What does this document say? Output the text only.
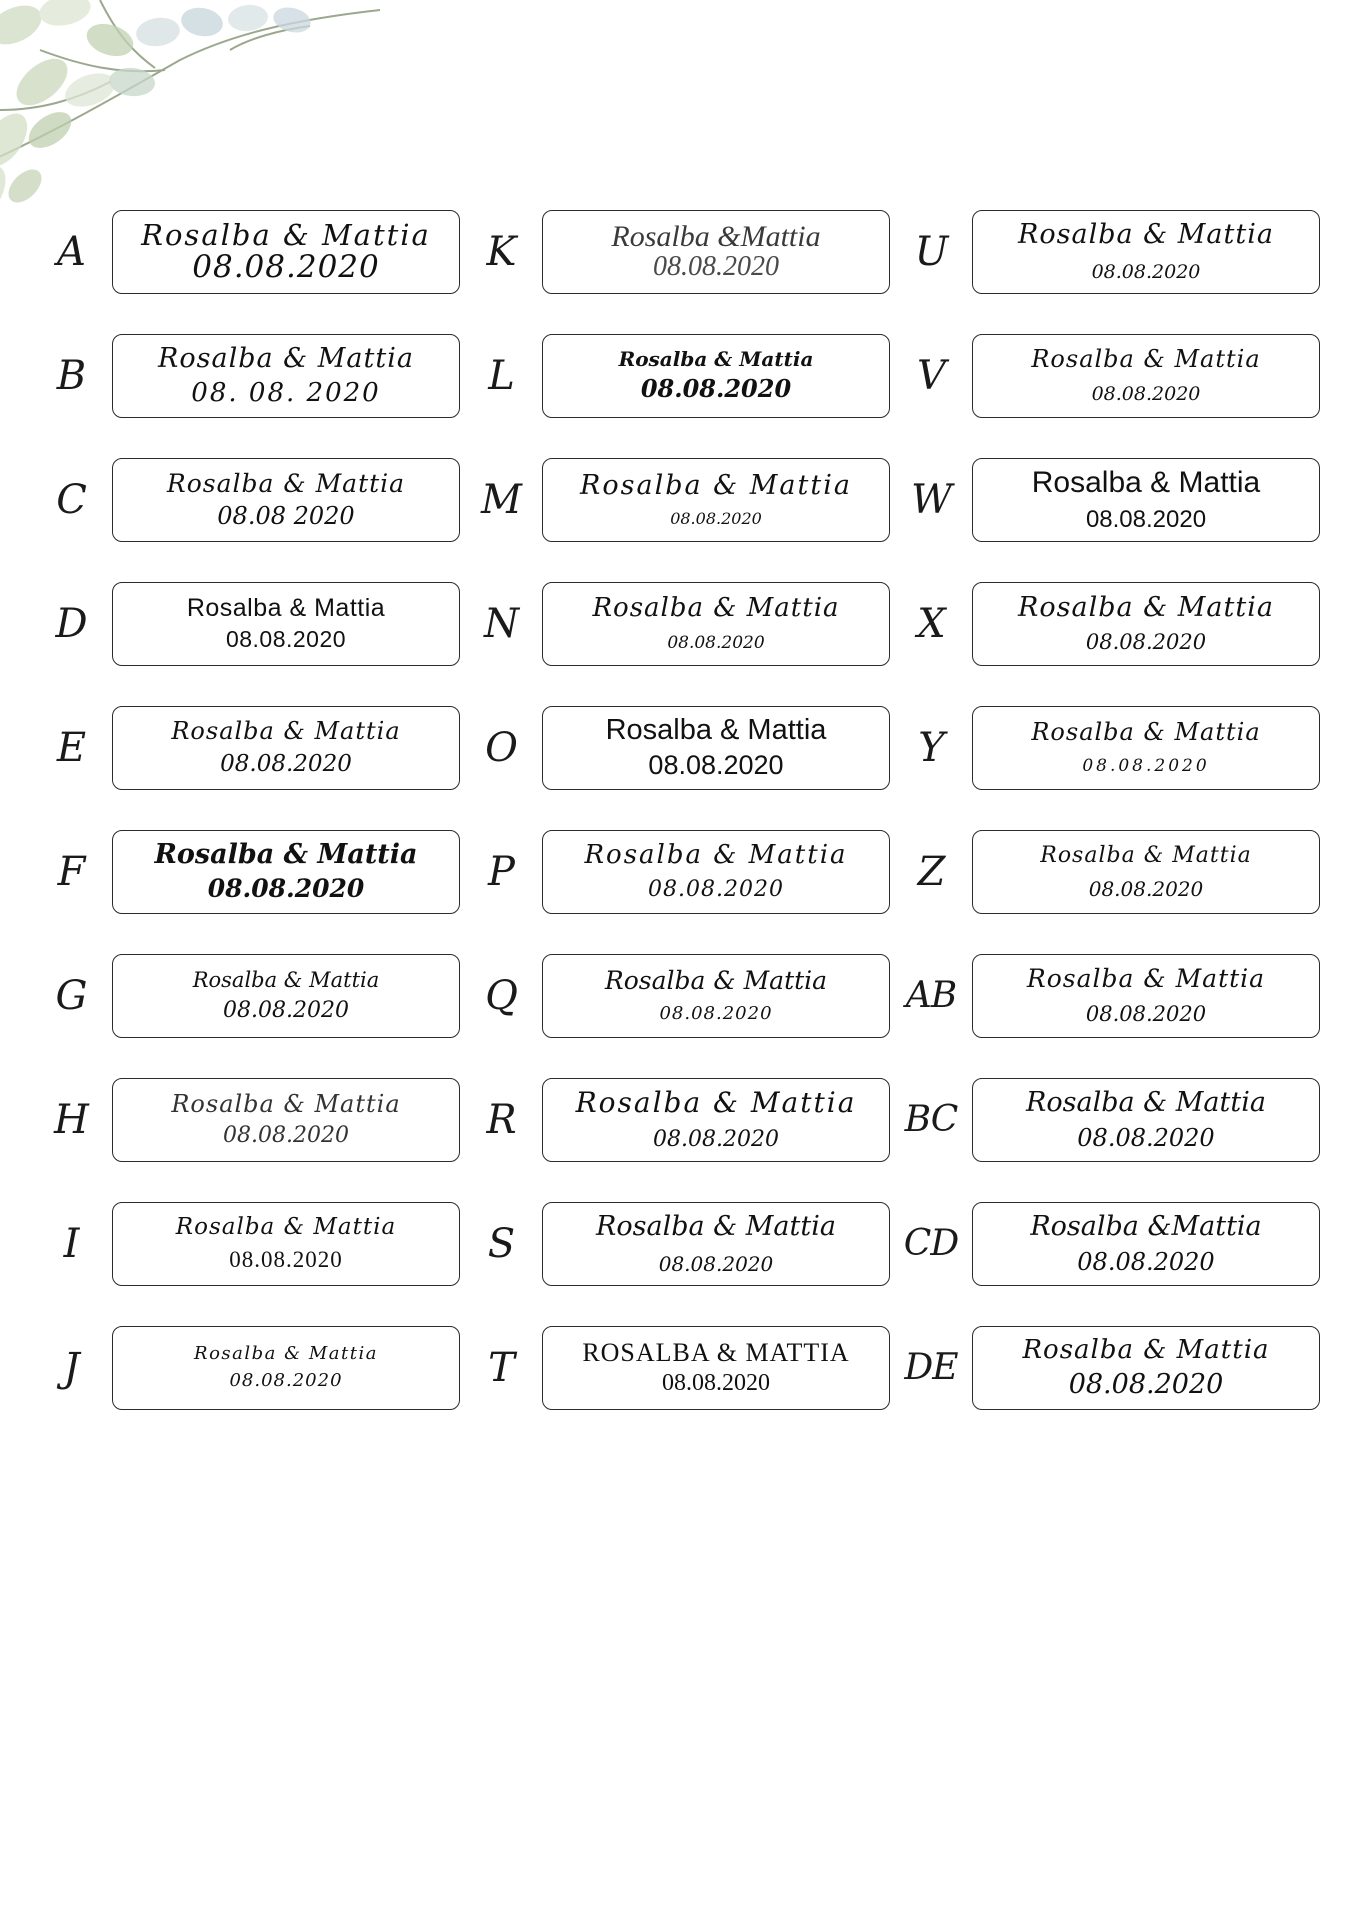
A	Rosalba & Mattia
08.08.2020	K	Rosalba &Mattia
08.08.2020	U	Rosalba & Mattia
08.08.2020
B	Rosalba & Mattia
08. 08. 2020	L	Rosalba & Mattia
08.08.2020	V	Rosalba & Mattia
08.08.2020
C	Rosalba & Mattia
08.08 2020	M	Rosalba & Mattia
08.08.2020	W	Rosalba & Mattia
08.08.2020
D	Rosalba & Mattia
08.08.2020	N	Rosalba & Mattia
08.08.2020	X	Rosalba & Mattia
08.08.2020
E	Rosalba & Mattia
08.08.2020	O	Rosalba & Mattia
08.08.2020	Y	Rosalba & Mattia
08.08.2020
F	Rosalba & Mattia
08.08.2020	P	Rosalba & Mattia
08.08.2020	Z	Rosalba & Mattia
08.08.2020
G	Rosalba & Mattia
08.08.2020	Q	Rosalba & Mattia
08.08.2020	AB	Rosalba & Mattia
08.08.2020
H	Rosalba & Mattia
08.08.2020	R	Rosalba & Mattia
08.08.2020	BC	Rosalba & Mattia
08.08.2020
I	Rosalba & Mattia
08.08.2020	S	Rosalba & Mattia
08.08.2020
CD	Rosalba &Mattia
08.08.2020
J	Rosalba & Mattia
08.08.2020	T	ROSALBA & MATTIA
08.08.2020	DE Rosalba & Mattia
08.08.2020
